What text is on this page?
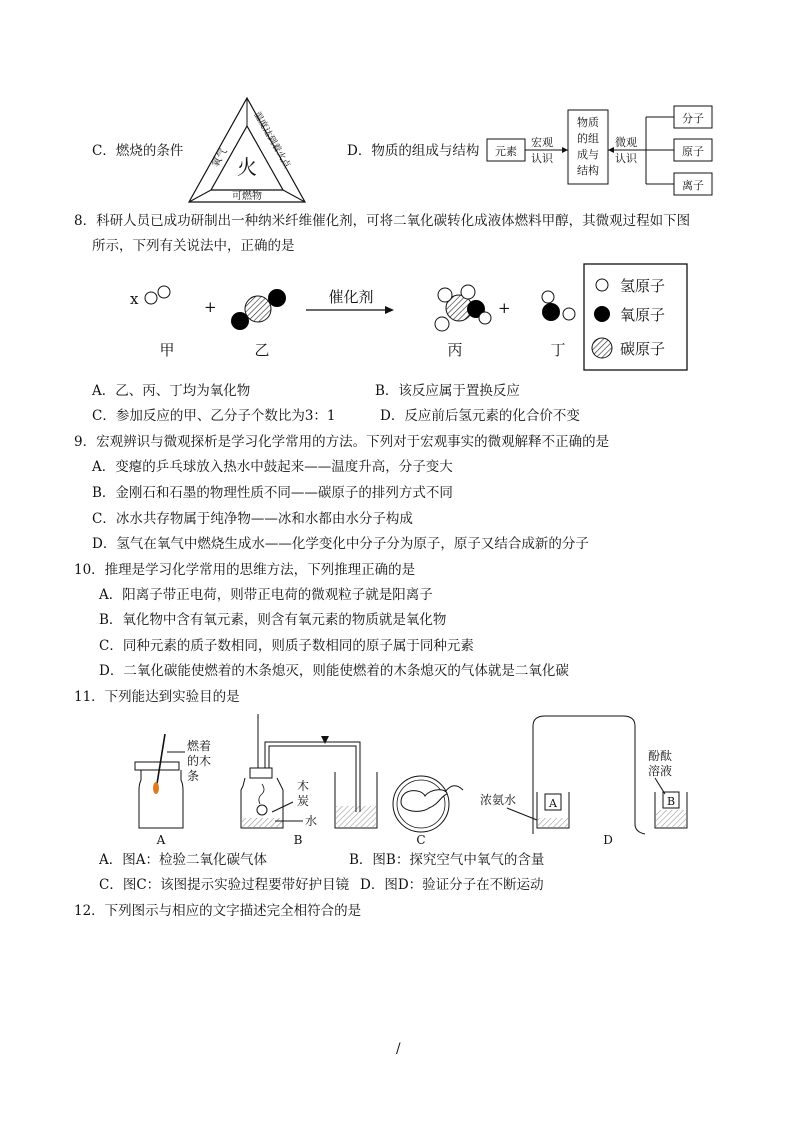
C．燃烧的条件
火
氧气 温度达到着火点
可燃物
D．物质的组成与结构 元素
宏观
认识
物质
的组
成与
结构
微观
认识
分子
原子
离子
8．科研人员已成功研制出一种纳米纤维催化剂，可将二氧化碳转化成液体燃料甲醇，其微观过程如下图
所示，下列有关说法中，正确的是
x	+
催化剂
+
甲	乙	丙	丁
氢原子
氧原子
碳原子
A．乙、丙、丁均为氧化物	B．该反应属于置换反应
C．参加反应的甲、乙分子个数比为3：1	D．反应前后氢元素的化合价不变
9．宏观辨识与微观探析是学习化学常用的方法。下列对于宏观事实的微观解释不正确的是
A．变瘪的乒乓球放入热水中鼓起来——温度升高，分子变大
B．金刚石和石墨的物理性质不同——碳原子的排列方式不同
C．冰水共存物属于纯净物——冰和水都由水分子构成
D．氢气在氧气中燃烧生成水——化学变化中分子分为原子，原子又结合成新的分子
10．推理是学习化学常用的思维方法，下列推理正确的是
A．阳离子带正电荷，则带正电荷的微观粒子就是阳离子
B．氧化物中含有氧元素，则含有氧元素的物质就是氧化物
C．同种元素的质子数相同，则质子数相同的原子属于同种元素
D．二氧化碳能使燃着的木条熄灭，则能使燃着的木条熄灭的气体就是二氧化碳
11．下列能达到实验目的是
燃着
的木
条
A
木
炭
水
B	C
A
浓氨水	B
酚酞
溶液
D
A．图A：检验二氧化碳气体	B．图B：探究空气中氧气的含量
C．图C：该图提示实验过程要带好护目镜 D．图D：验证分子在不断运动
12．下列图示与相应的文字描述完全相符合的是
/
